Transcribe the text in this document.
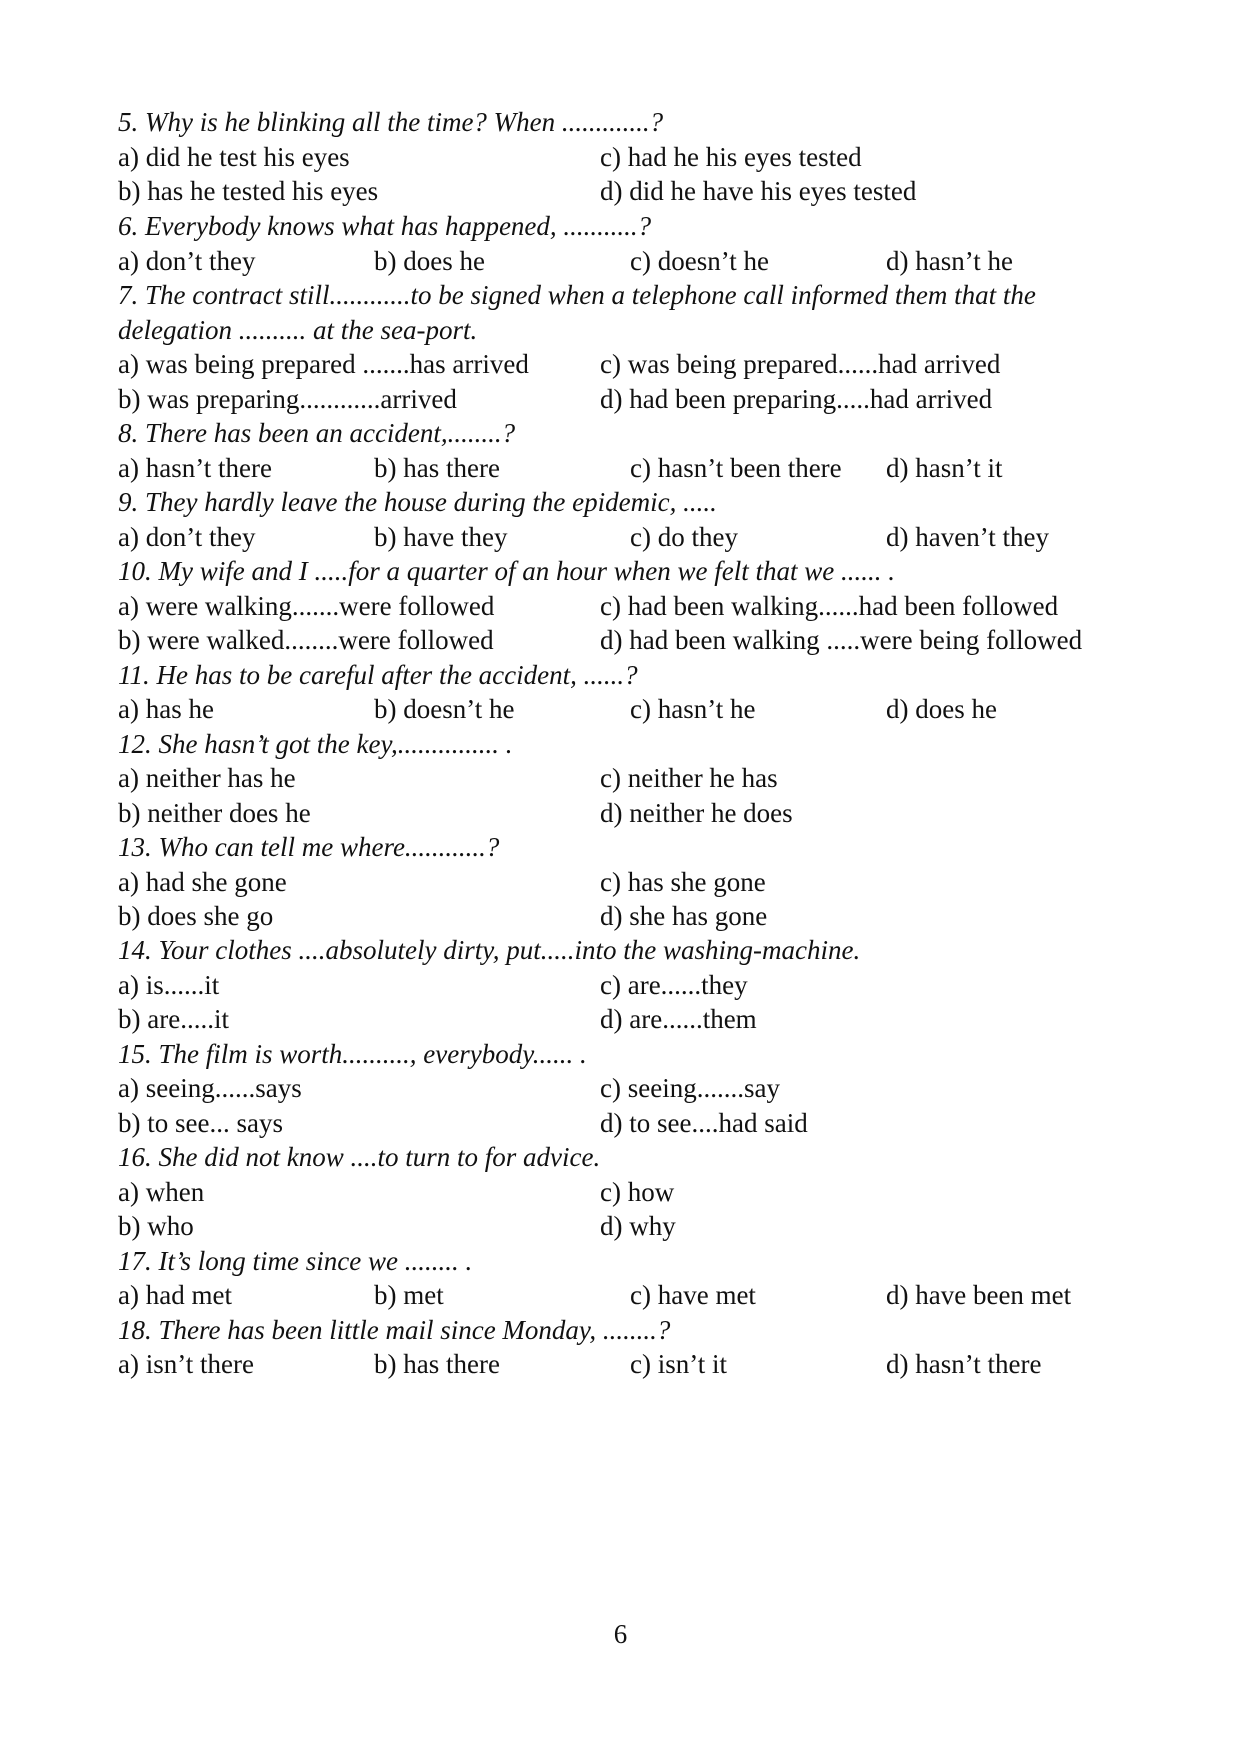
5. Why is he blinking all the time? When .............?
a) did he test his eyes	c) had he his eyes tested
b) has he tested his eyes	d) did he have his eyes tested
6. Everybody knows what has happened, ...........?
a) don’t they	b) does he	c) doesn’t he	d) hasn’t he
7. The contract still............to be signed when a telephone call informed them that the
delegation .......... at the sea-port.
a) was being prepared .......has arrived	c) was being prepared......had arrived
b) was preparing............arrived	d) had been preparing.....had arrived
8. There has been an accident,........?
a) hasn’t there	b) has there	c) hasn’t been there d) hasn’t it
9. They hardly leave the house during the epidemic, .....
a) don’t they	b) have they	c) do they	d) haven’t they
10. My wife and I .....for a quarter of an hour when we felt that we ...... .
a) were walking.......were followed	c) had been walking......had been followed
b) were walked........were followed	d) had been walking .....were being followed
11. He has to be careful after the accident, ......?
a) has he	b) doesn’t he	c) hasn’t he	d) does he
12. She hasn’t got the key,............... .
a) neither has he	c) neither he has
b) neither does he	d) neither he does
13. Who can tell me where............?
a) had she gone	c) has she gone
b) does she go	d) she has gone
14. Your clothes ....absolutely dirty, put.....into the washing-machine.
a) is......it	c) are......they
b) are.....it	d) are......them
15. The film is worth.........., everybody...... .
a) seeing......says	c) seeing.......say
b) to see... says	d) to see....had said
16. She did not know ....to turn to for advice.
a) when	c) how
b) who	d) why
17. It’s long time since we ........ .
a) had met	b) met	c) have met	d) have been met
18. There has been little mail since Monday, ........?
a) isn’t there	b) has there	c) isn’t it	d) hasn’t there
6
